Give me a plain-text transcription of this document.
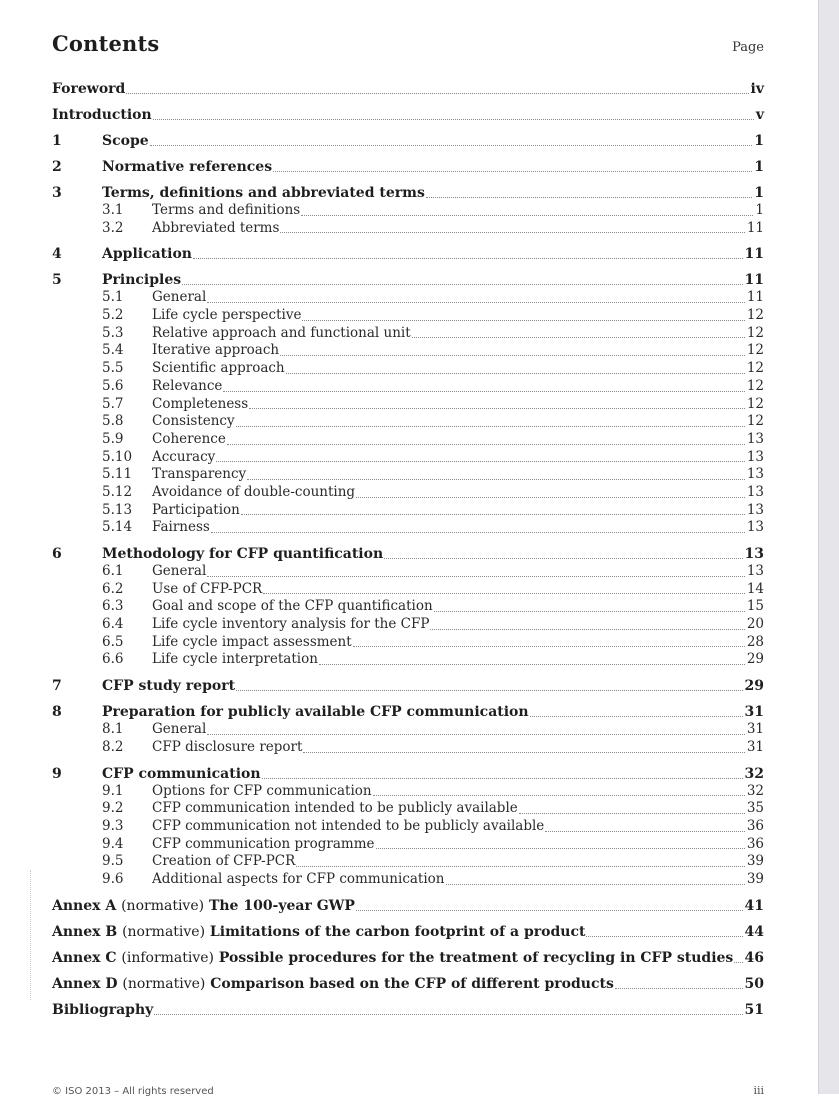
Contents	Page
Foreword	iv
Introduction	v
1	Scope	1
2	Normative references	1
3	Terms, definitions and abbreviated terms	1
3.1	Terms and definitions	1
3.2	Abbreviated terms	11
4	Application	11
5	Principles	11
5.1	General	11
5.2	Life cycle perspective	12
5.3	Relative approach and functional unit	12
5.4	Iterative approach	12
5.5	Scientific approach	12
5.6	Relevance	12
5.7	Completeness	12
5.8	Consistency	12
5.9	Coherence	13
5.10	Accuracy	13
5.11	Transparency	13
5.12	Avoidance of double-counting	13
5.13	Participation	13
5.14	Fairness	13
6	Methodology for CFP quantification	13
6.1	General	13
6.2	Use of CFP-PCR	14
6.3	Goal and scope of the CFP quantification	15
6.4	Life cycle inventory analysis for the CFP	20
6.5	Life cycle impact assessment	28
6.6	Life cycle interpretation	29
7	CFP study report	29
8	Preparation for publicly available CFP communication	31
8.1	General	31
8.2	CFP disclosure report	31
9	CFP communication	32
9.1	Options for CFP communication	32
9.2	CFP communication intended to be publicly available	35
9.3	CFP communication not intended to be publicly available	36
9.4	CFP communication programme	36
9.5	Creation of CFP-PCR	39
9.6	Additional aspects for CFP communication	39
Annex A (normative) The 100-year GWP	41
Annex B (normative) Limitations of the carbon footprint of a product	44
Annex C (informative) Possible procedures for the treatment of recycling in CFP studies 46
Annex D (normative) Comparison based on the CFP of different products	50
Bibliography	51
© ISO 2013 – All rights reserved	iii
